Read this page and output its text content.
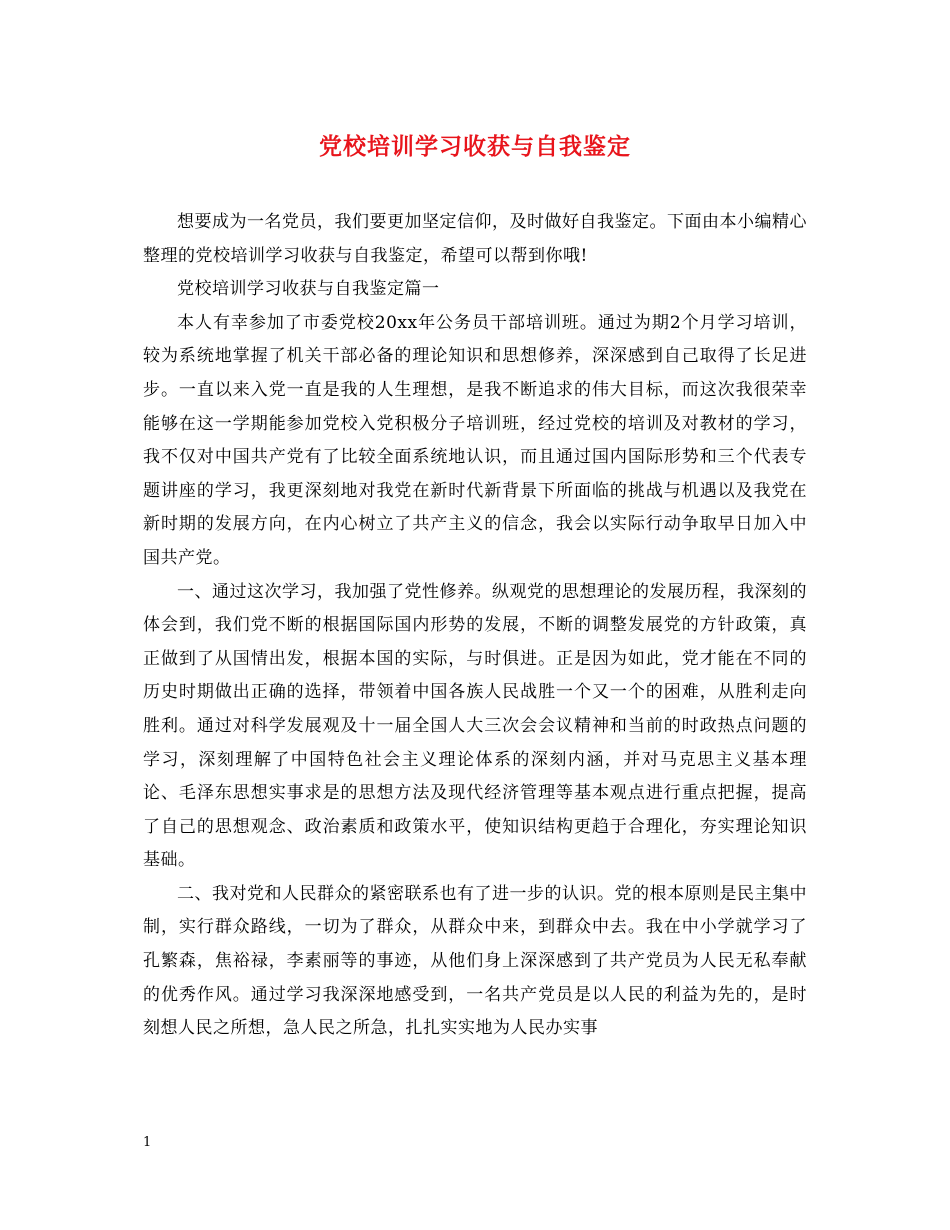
党校培训学习收获与自我鉴定

想要成为一名党员，我们要更加坚定信仰，及时做好自我鉴定。下面由本小编精心整理的党校培训学习收获与自我鉴定，希望可以帮到你哦!

党校培训学习收获与自我鉴定篇一

本人有幸参加了市委党校20xx年公务员干部培训班。通过为期2个月学习培训，较为系统地掌握了机关干部必备的理论知识和思想修养，深深感到自己取得了长足进步。一直以来入党一直是我的人生理想，是我不断追求的伟大目标，而这次我很荣幸能够在这一学期能参加党校入党积极分子培训班，经过党校的培训及对教材的学习，我不仅对中国共产党有了比较全面系统地认识，而且通过国内国际形势和三个代表专题讲座的学习，我更深刻地对我党在新时代新背景下所面临的挑战与机遇以及我党在新时期的发展方向，在内心树立了共产主义的信念，我会以实际行动争取早日加入中国共产党。

一、通过这次学习，我加强了党性修养。纵观党的思想理论的发展历程，我深刻的体会到，我们党不断的根据国际国内形势的发展，不断的调整发展党的方针政策，真正做到了从国情出发，根据本国的实际，与时俱进。正是因为如此，党才能在不同的历史时期做出正确的选择，带领着中国各族人民战胜一个又一个的困难，从胜利走向胜利。通过对科学发展观及十一届全国人大三次会会议精神和当前的时政热点问题的学习，深刻理解了中国特色社会主义理论体系的深刻内涵，并对马克思主义基本理论、毛泽东思想实事求是的思想方法及现代经济管理等基本观点进行重点把握，提高了自己的思想观念、政治素质和政策水平，使知识结构更趋于合理化，夯实理论知识基础。

二、我对党和人民群众的紧密联系也有了进一步的认识。党的根本原则是民主集中制，实行群众路线，一切为了群众，从群众中来，到群众中去。我在中小学就学习了孔繁森，焦裕禄，李素丽等的事迹，从他们身上深深感到了共产党员为人民无私奉献的优秀作风。通过学习我深深地感受到，一名共产党员是以人民的利益为先的，是时刻想人民之所想，急人民之所急，扎扎实实地为人民办实事

1
